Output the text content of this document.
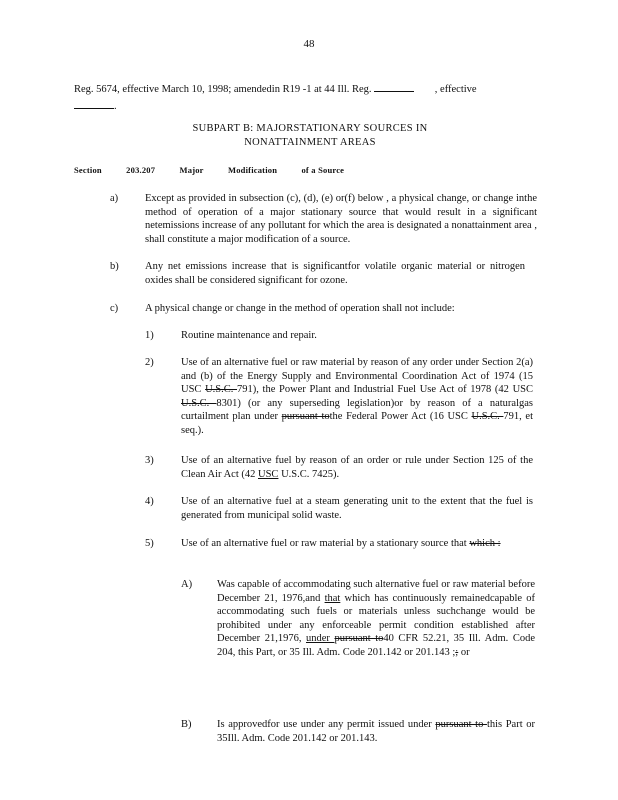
48
Reg. 5674, effective March 10, 1998; amendedin R19 -1 at 44 Ill. Reg.	, effective
.
SUBPART B: MAJORSTATIONARY SOURCES IN
NONATTAINMENT AREAS
Section	203.207	Major	Modification	of a Source
a)	Except as provided in subsection (c), (d), (e) or(f) below , a physical change, or change inthe method of operation of a major stationary source that would result in a significant netemissions increase of any pollutant for which the area is designated a nonattainment area , shall constitute a major modification of a source.
b)	Any net emissions increase that is significantfor volatile organic material or nitrogen oxides shall be considered significant for ozone.
c)	A physical change or change in the method of operation shall not include:
1)	Routine maintenance and repair.
2)	Use of an alternative fuel or raw material by reason of any order under Section 2(a) and (b) of the Energy Supply and Environmental Coordination Act of 1974 (15 USC U.S.C. 791), the Power Plant and Industrial Fuel Use Act of 1978 (42 USC U.S.C. 8301) (or any superseding legislation)or by reason of a naturalgas curtailment plan under pursuant tothe Federal Power Act (16 USC U.S.C. 791, et seq.).
3)	Use of an alternative fuel by reason of an order or rule under Section 125 of the Clean Air Act (42 USC U.S.C. 7425).
4)	Use of an alternative fuel at a steam generating unit to the extent that the fuel is generated from municipal solid waste.
5)	Use of an alternative fuel or raw material by a stationary source that which :
A) Was capable of accommodating such alternative fuel or raw material before December 21, 1976,and that which has continuously remainedcapable of accommodating such fuels or materials unless suchchange would be prohibited under any enforceable permit condition established after December 21,1976, under pursuant to40 CFR 52.21, 35 Ill. Adm. Code 204, this Part, or 35 Ill. Adm. Code 201.142 or 201.143 ;; or
B) Is approvedfor use under any permit issued under pursuant to this Part or 35Ill. Adm. Code 201.142 or 201.143.
